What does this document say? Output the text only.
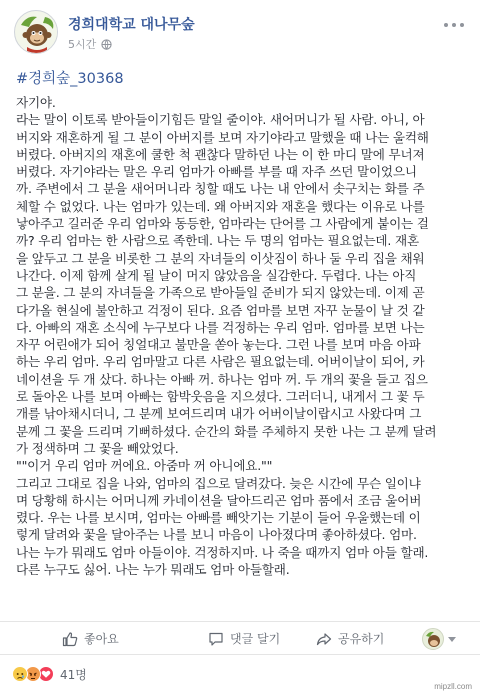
경희대학교 대나무숲
5시간
#경희숲_30368
자기야.
라는 말이 이토록 받아들이기힘든 말일 줄이야. 새어머니가 될 사람. 아니, 아
버지와 재혼하게 될 그 분이 아버지를 보며 자기야라고 말했을 때 나는 울컥해
버렸다. 아버지의 재혼에 쿨한 척 괜찮다 말하던 나는 이 한 마디 말에 무너져
버렸다. 자기야라는 말은 우리 엄마가 아빠를 부를 때 자주 쓰던 말이었으니
까. 주변에서 그 분을 새어머니라 칭할 때도 나는 내 안에서 솟구치는 화를 주
체할 수 없었다. 나는 엄마가 있는데. 왜 아버지와 재혼을 했다는 이유로 나를
낳아주고 길러준 우리 엄마와 동등한, 엄마라는 단어를 그 사람에게 붙이는 걸
까? 우리 엄마는 한 사람으로 족한데. 나는 두 명의 엄마는 필요없는데. 재혼
을 앞두고 그 분을 비롯한 그 분의 자녀들의 이삿짐이 하나 둘 우리 집을 채워
나간다. 이제 함께 살게 될 날이 머지 않았음을 실감한다. 두렵다. 나는 아직
그 분을. 그 분의 자녀들을 가족으로 받아들일 준비가 되지 않았는데. 이제 곧
다가올 현실에 불안하고 걱정이 된다. 요즘 엄마를 보면 자꾸 눈물이 날 것 같
다. 아빠의 재혼 소식에 누구보다 나를 걱정하는 우리 엄마. 엄마를 보면 나는
자꾸 어린애가 되어 칭얼대고 불만을 쏟아 놓는다. 그런 나를 보며 마음 아파
하는 우리 엄마. 우리 엄마말고 다른 사람은 필요없는데. 어버이날이 되어, 카
네이션을 두 개 샀다. 하나는 아빠 꺼. 하나는 엄마 꺼. 두 개의 꽃을 들고 집으
로 돌아온 나를 보며 아빠는 함박웃음을 지으셨다. 그러더니, 내게서 그 꽃 두
개를 낚아채시더니, 그 분께 보여드리며 내가 어버이날이랍시고 사왔다며 그
분께 그 꽃을 드리며 기뻐하셨다. 순간의 화를 주체하지 못한 나는 그 분께 달려
가 정색하며 그 꽃을 빼았었다.
""이거 우리 엄마 꺼에요. 아줌마 꺼 아니에요.""
그리고 그대로 집을 나와, 엄마의 집으로 달려갔다. 늦은 시간에 무슨 일이냐
며 당황해 하시는 어머니께 카네이션을 달아드리곤 엄마 품에서 조금 울어버
렸다. 우는 나를 보시며, 엄마는 아빠를 빼앗기는 기분이 들어 우울했는데 이
렇게 달려와 꽃을 달아주는 나를 보니 마음이 나아졌다며 좋아하셨다. 엄마.
나는 누가 뭐래도 엄마 아들이야. 걱정하지마. 나 죽을 때까지 엄마 아들 할래.
다른 누구도 싫어. 나는 누가 뭐래도 엄마 아들할래.
좋아요	댓글 달기	공유하기
41명
mipzll.com
